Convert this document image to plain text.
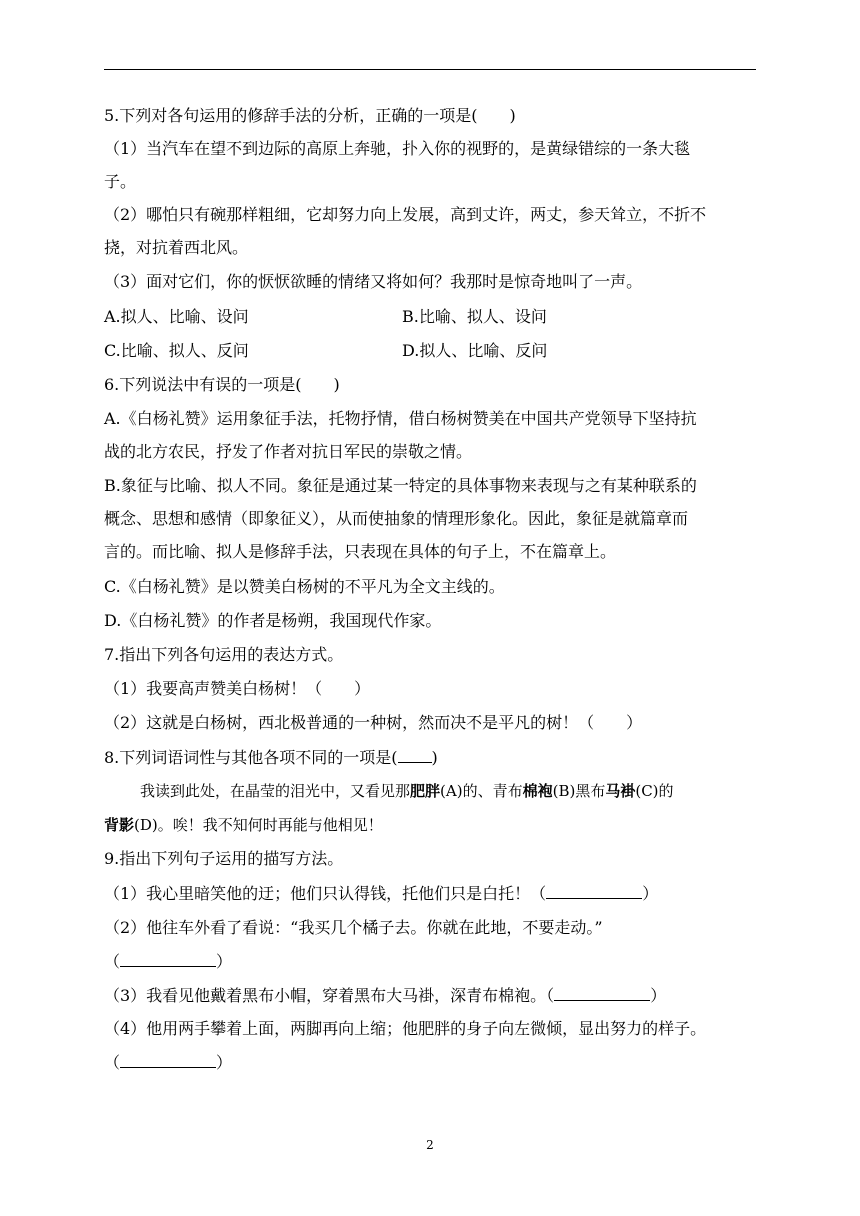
5.下列对各句运用的修辞手法的分析，正确的一项是(　　)
（1）当汽车在望不到边际的高原上奔驰，扑入你的视野的，是黄绿错综的一条大毯
子。
（2）哪怕只有碗那样粗细，它却努力向上发展，高到丈许，两丈，参天耸立，不折不
挠，对抗着西北风。
（3）面对它们，你的恹恹欲睡的情绪又将如何？我那时是惊奇地叫了一声。
A.拟人、比喻、设问	B.比喻、拟人、设问
C.比喻、拟人、反问	D.拟人、比喻、反问
6.下列说法中有误的一项是(　　)
A.《白杨礼赞》运用象征手法，托物抒情，借白杨树赞美在中国共产党领导下坚持抗
战的北方农民，抒发了作者对抗日军民的崇敬之情。
B.象征与比喻、拟人不同。象征是通过某一特定的具体事物来表现与之有某种联系的
概念、思想和感情（即象征义），从而使抽象的情理形象化。因此，象征是就篇章而
言的。而比喻、拟人是修辞手法，只表现在具体的句子上，不在篇章上。
C.《白杨礼赞》是以赞美白杨树的不平凡为全文主线的。
D.《白杨礼赞》的作者是杨朔，我国现代作家。
7.指出下列各句运用的表达方式。
（1）我要高声赞美白杨树！（　　）
（2）这就是白杨树，西北极普通的一种树，然而决不是平凡的树！（　　）
8.下列词语词性与其他各项不同的一项是( )
我读到此处，在晶莹的泪光中，又看见那肥胖(A)的、青布棉袍(B)黑布马褂(C)的
背影(D)。唉！我不知何时再能与他相见！
9.指出下列句子运用的描写方法。
（1）我心里暗笑他的迂；他们只认得钱，托他们只是白托！（	）
（2）他往车外看了看说：“我买几个橘子去。你就在此地，不要走动。”
（	）
（3）我看见他戴着黑布小帽，穿着黑布大马褂，深青布棉袍。（	）
（4）他用两手攀着上面，两脚再向上缩；他肥胖的身子向左微倾，显出努力的样子。
（	）
2
